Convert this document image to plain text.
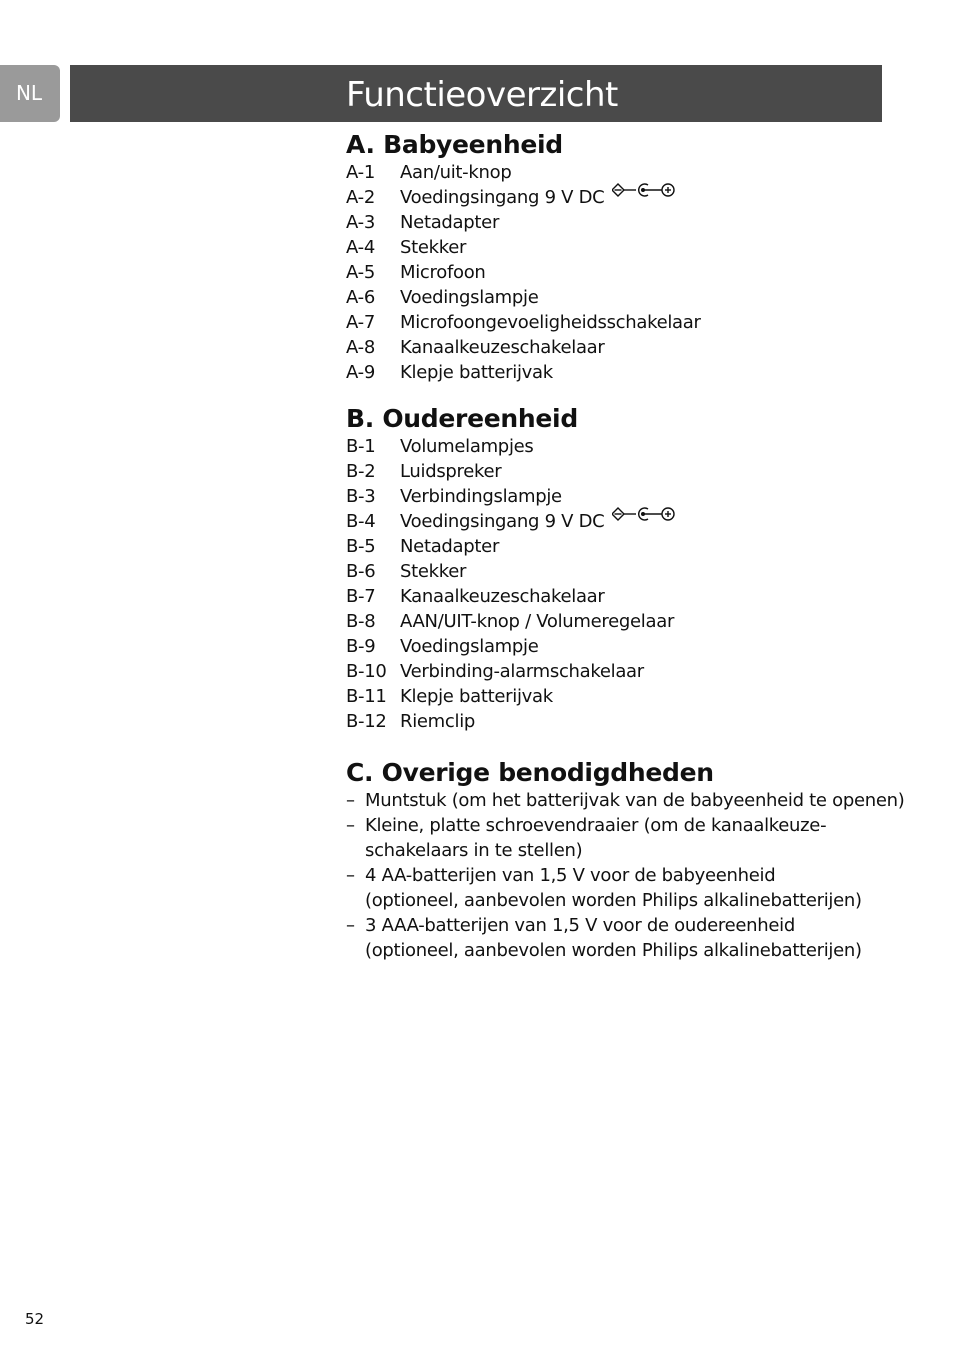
NL	Functieoverzicht
A. Babyeenheid
A-1	Aan/uit-knop
A-2	Voedingsingang 9 V DC
A-3	Netadapter
A-4	Stekker
A-5	Microfoon
A-6	Voedingslampje
A-7	Microfoongevoeligheidsschakelaar
A-8	Kanaalkeuzeschakelaar
A-9	Klepje batterijvak
B. Oudereenheid
B-1	Volumelampjes
B-2	Luidspreker
B-3	Verbindingslampje
B-4	Voedingsingang 9 V DC
B-5	Netadapter
B-6	Stekker
B-7	Kanaalkeuzeschakelaar
B-8	AAN/UIT-knop / Volumeregelaar
B-9	Voedingslampje
B-10 Verbinding-alarmschakelaar
B-11 Klepje batterijvak
B-12 Riemclip
C. Overige benodigdheden
– Muntstuk (om het batterijvak van de babyeenheid te openen)
– Kleine, platte schroevendraaier (om de kanaalkeuze-
schakelaars in te stellen)
– 4 AA-batterijen van 1,5 V voor de babyeenheid
(optioneel, aanbevolen worden Philips alkalinebatterijen)
– 3 AAA-batterijen van 1,5 V voor de oudereenheid
(optioneel, aanbevolen worden Philips alkalinebatterijen)
52
